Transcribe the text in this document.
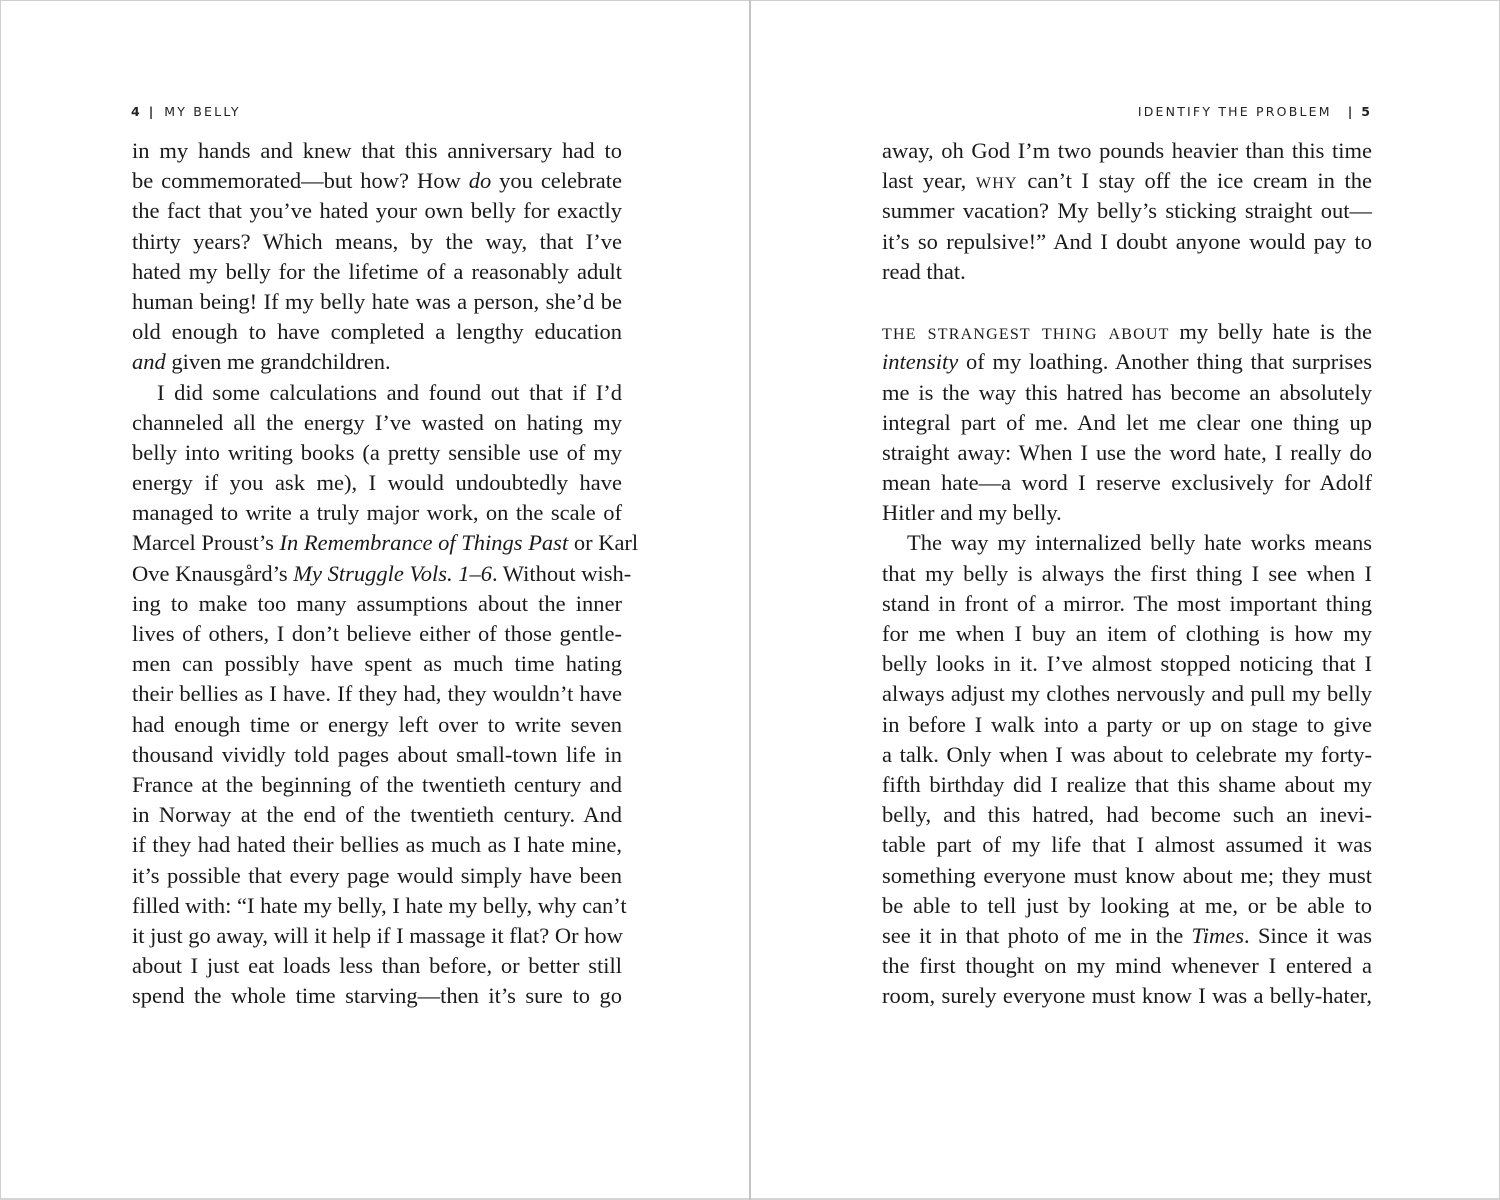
4 | MY BELLY
in my hands and knew that this anniversary had to
be commemorated—but how? How do you celebrate
the fact that you’ve hated your own belly for exactly
thirty years? Which means, by the way, that I’ve
hated my belly for the lifetime of a reasonably adult
human being! If my belly hate was a person, she’d be
old enough to have completed a lengthy education
and given me grandchildren.
I did some calculations and found out that if I’d
channeled all the energy I’ve wasted on hating my
belly into writing books (a pretty sensible use of my
energy if you ask me), I would undoubtedly have
managed to write a truly major work, on the scale of
Marcel Proust’s In Remembrance of Things Past or Karl
Ove Knausgård’s My Struggle Vols. 1–6. Without wish-
ing to make too many assumptions about the inner
lives of others, I don’t believe either of those gentle-
men can possibly have spent as much time hating
their bellies as I have. If they had, they wouldn’t have
had enough time or energy left over to write seven
thousand vividly told pages about small-town life in
France at the beginning of the twentieth century and
in Norway at the end of the twentieth century. And
if they had hated their bellies as much as I hate mine,
it’s possible that every page would simply have been
filled with: “I hate my belly, I hate my belly, why can’t
it just go away, will it help if I massage it flat? Or how
about I just eat loads less than before, or better still
spend the whole time starving—then it’s sure to go
IDENTIFY THE PROBLEM | 5
away, oh God I’m two pounds heavier than this time
last year, why can’t I stay off the ice cream in the
summer vacation? My belly’s sticking straight out—
it’s so repulsive!” And I doubt anyone would pay to
read that.
the strangest thing about my belly hate is the
intensity of my loathing. Another thing that surprises
me is the way this hatred has become an absolutely
integral part of me. And let me clear one thing up
straight away: When I use the word hate, I really do
mean hate—a word I reserve exclusively for Adolf
Hitler and my belly.
The way my internalized belly hate works means
that my belly is always the first thing I see when I
stand in front of a mirror. The most important thing
for me when I buy an item of clothing is how my
belly looks in it. I’ve almost stopped noticing that I
always adjust my clothes nervously and pull my belly
in before I walk into a party or up on stage to give
a talk. Only when I was about to celebrate my forty-
fifth birthday did I realize that this shame about my
belly, and this hatred, had become such an inevi-
table part of my life that I almost assumed it was
something everyone must know about me; they must
be able to tell just by looking at me, or be able to
see it in that photo of me in the Times. Since it was
the first thought on my mind whenever I entered a
room, surely everyone must know I was a belly-hater,
